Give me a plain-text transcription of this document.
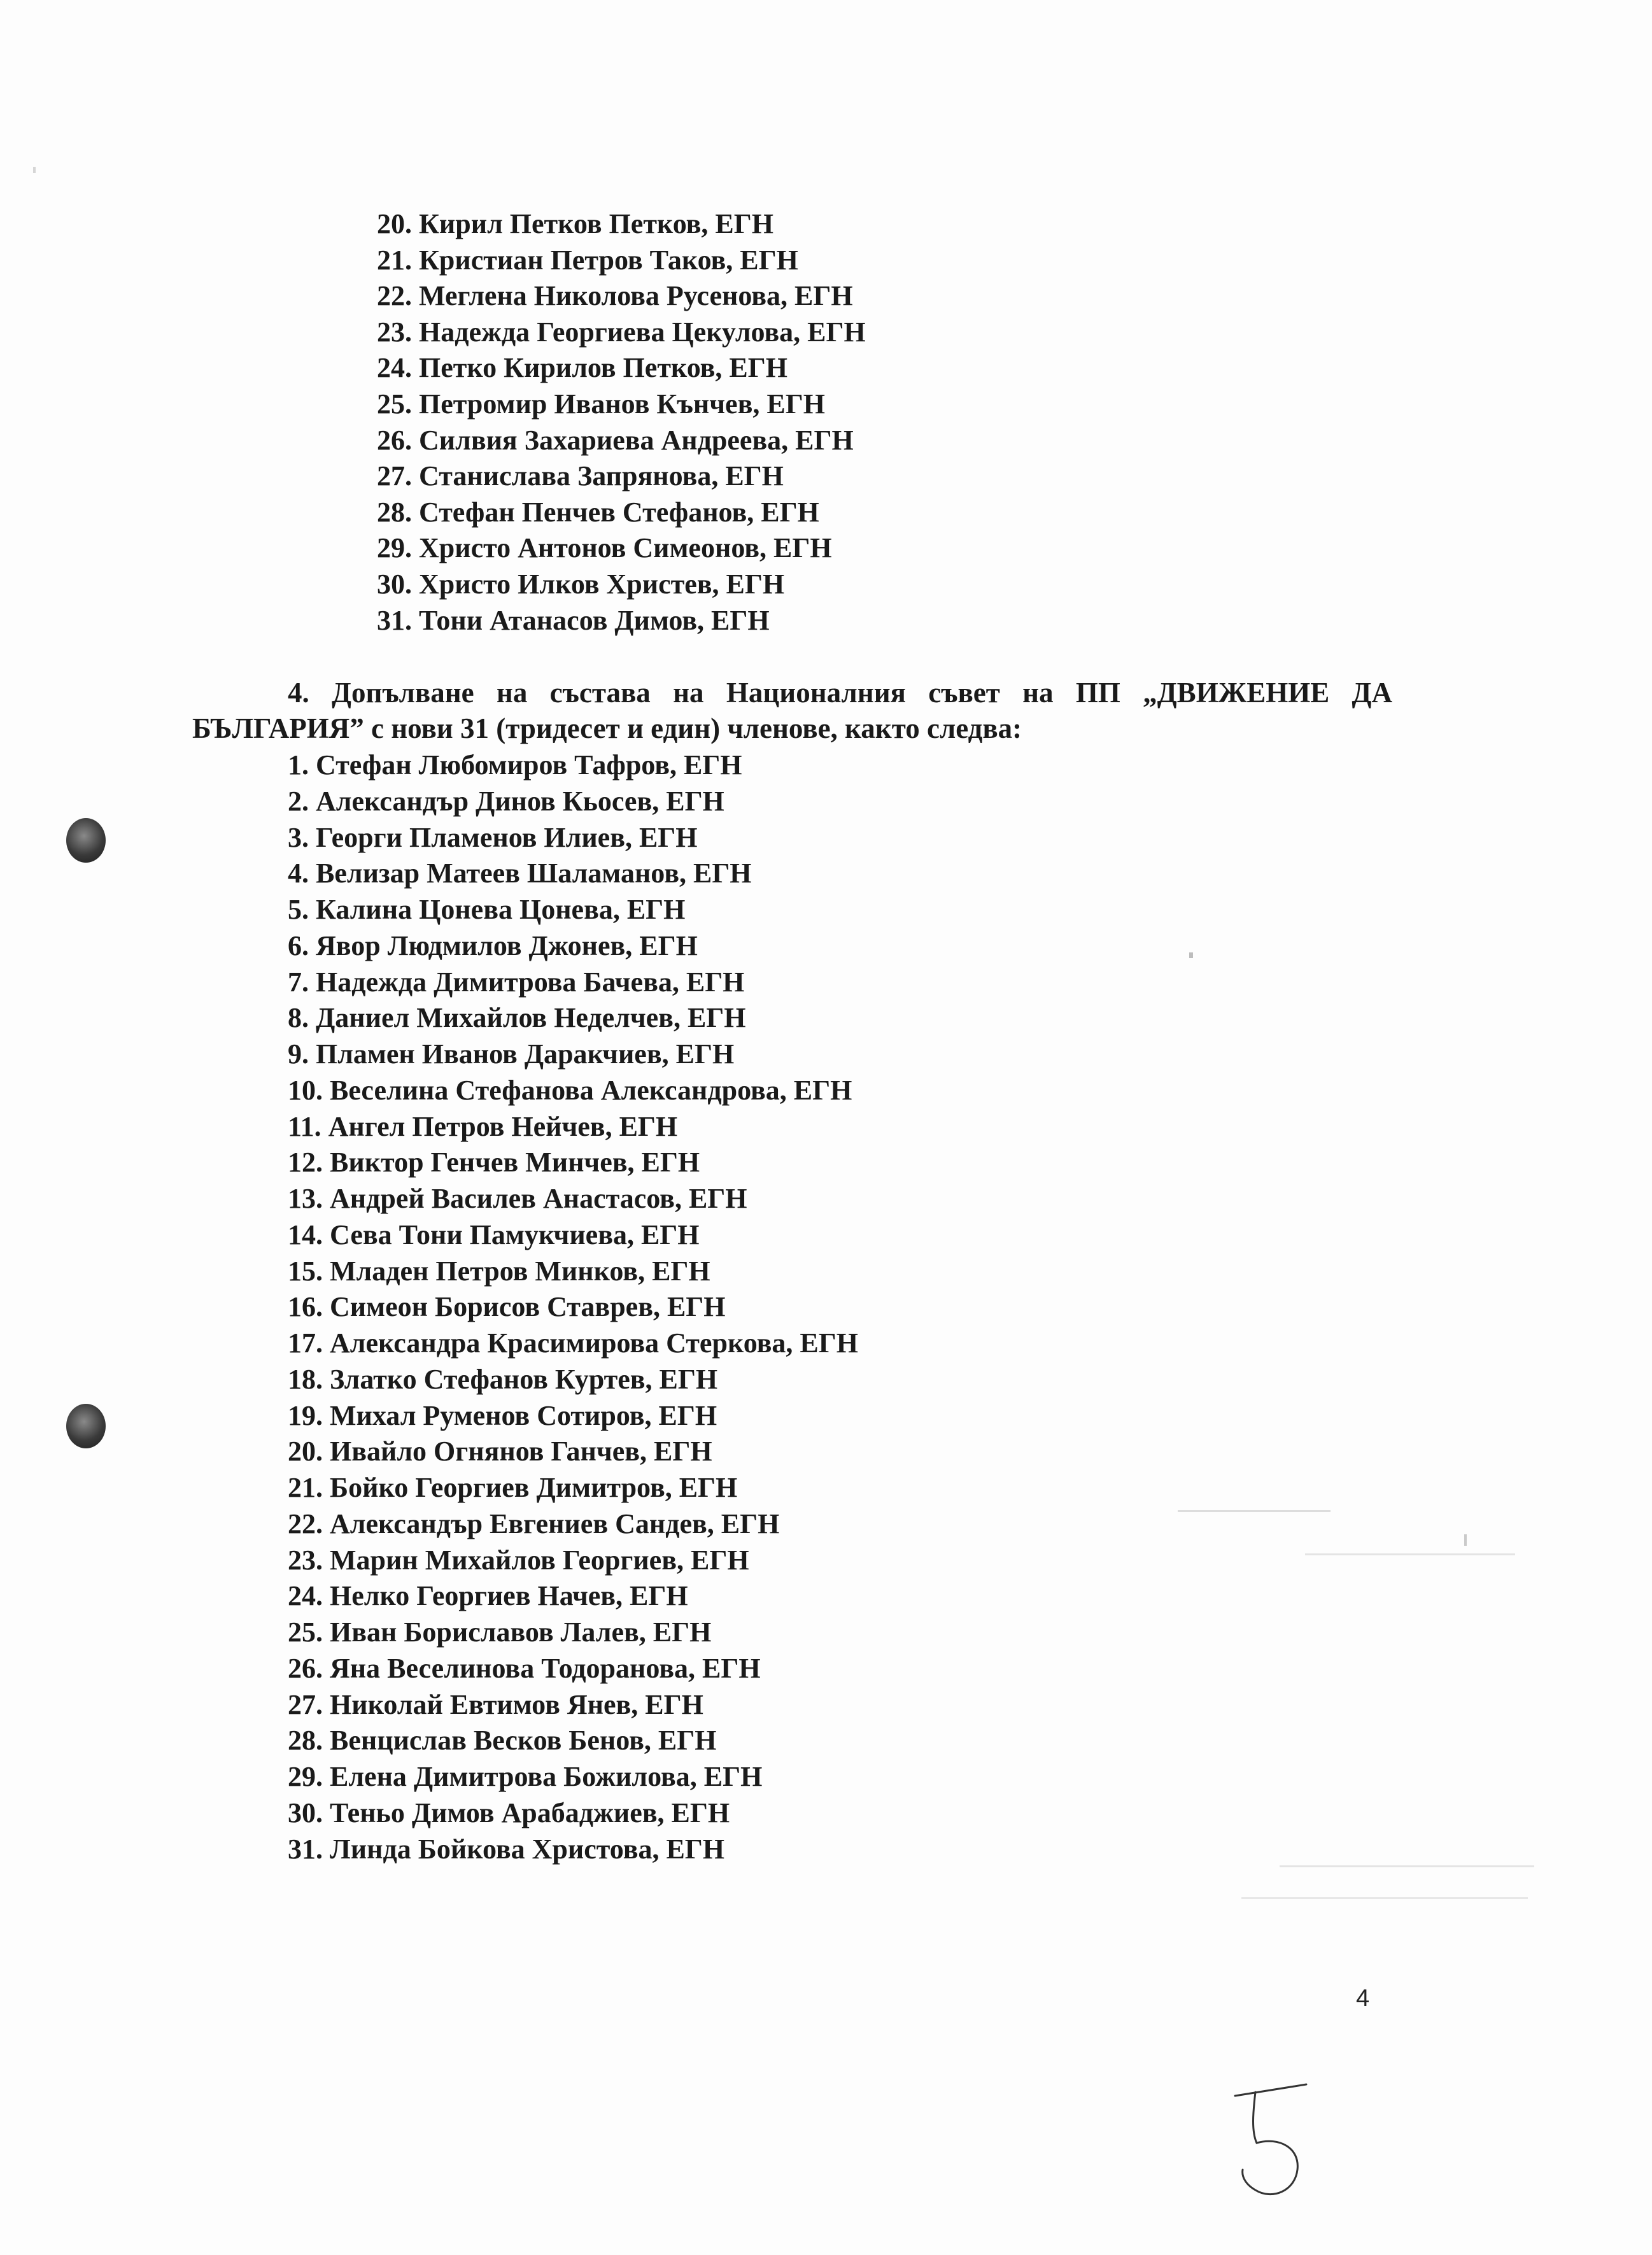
20. Кирил Петков Петков, ЕГН
21. Кристиан Петров Таков, ЕГН
22. Меглена Николова Русенова, ЕГН
23. Надежда Георгиева Цекулова, ЕГН
24. Петко Кирилов Петков, ЕГН
25. Петромир Иванов Кънчев, ЕГН
26. Силвия Захариева Андреева, ЕГН
27. Станислава Запрянова, ЕГН
28. Стефан Пенчев Стефанов, ЕГН
29. Христо Антонов Симеонов, ЕГН
30. Христо Илков Христев, ЕГН
31. Тони Атанасов Димов, ЕГН

4. Допълване на състава на Националния съвет на ПП „ДВИЖЕНИЕ ДА БЪЛГАРИЯ” с нови 31 (тридесет и един) членове, както следва:

1. Стефан Любомиров Тафров, ЕГН
2. Александър Динов Кьосев, ЕГН
3. Георги Пламенов Илиев, ЕГН
4. Велизар Матеев Шаламанов, ЕГН
5. Калина Цонева Цонева, ЕГН
6. Явор Людмилов Джонев, ЕГН
7. Надежда Димитрова Бачева, ЕГН
8. Даниел Михайлов Неделчев, ЕГН
9. Пламен Иванов Даракчиев, ЕГН
10. Веселина Стефанова Александрова, ЕГН
11. Ангел Петров Нейчев, ЕГН
12. Виктор Генчев Минчев, ЕГН
13. Андрей Василев Анастасов, ЕГН
14. Сева Тони Памукчиева, ЕГН
15. Младен Петров Минков, ЕГН
16. Симеон Борисов Ставрев, ЕГН
17. Александра Красимирова Стеркова, ЕГН
18. Златко Стефанов Куртев, ЕГН
19. Михал Руменов Сотиров, ЕГН
20. Ивайло Огнянов Ганчев, ЕГН
21. Бойко Георгиев Димитров, ЕГН
22. Александър Евгениев Сандев, ЕГН
23. Марин Михайлов Георгиев, ЕГН
24. Нелко Георгиев Начев, ЕГН
25. Иван Бориславов Лалев, ЕГН
26. Яна Веселинова Тодоранова, ЕГН
27. Николай Евтимов Янев, ЕГН
28. Венцислав Весков Бенов, ЕГН
29. Елена Димитрова Божилова, ЕГН
30. Теньо Димов Арабаджиев, ЕГН
31. Линда Бойкова Христова, ЕГН
4
